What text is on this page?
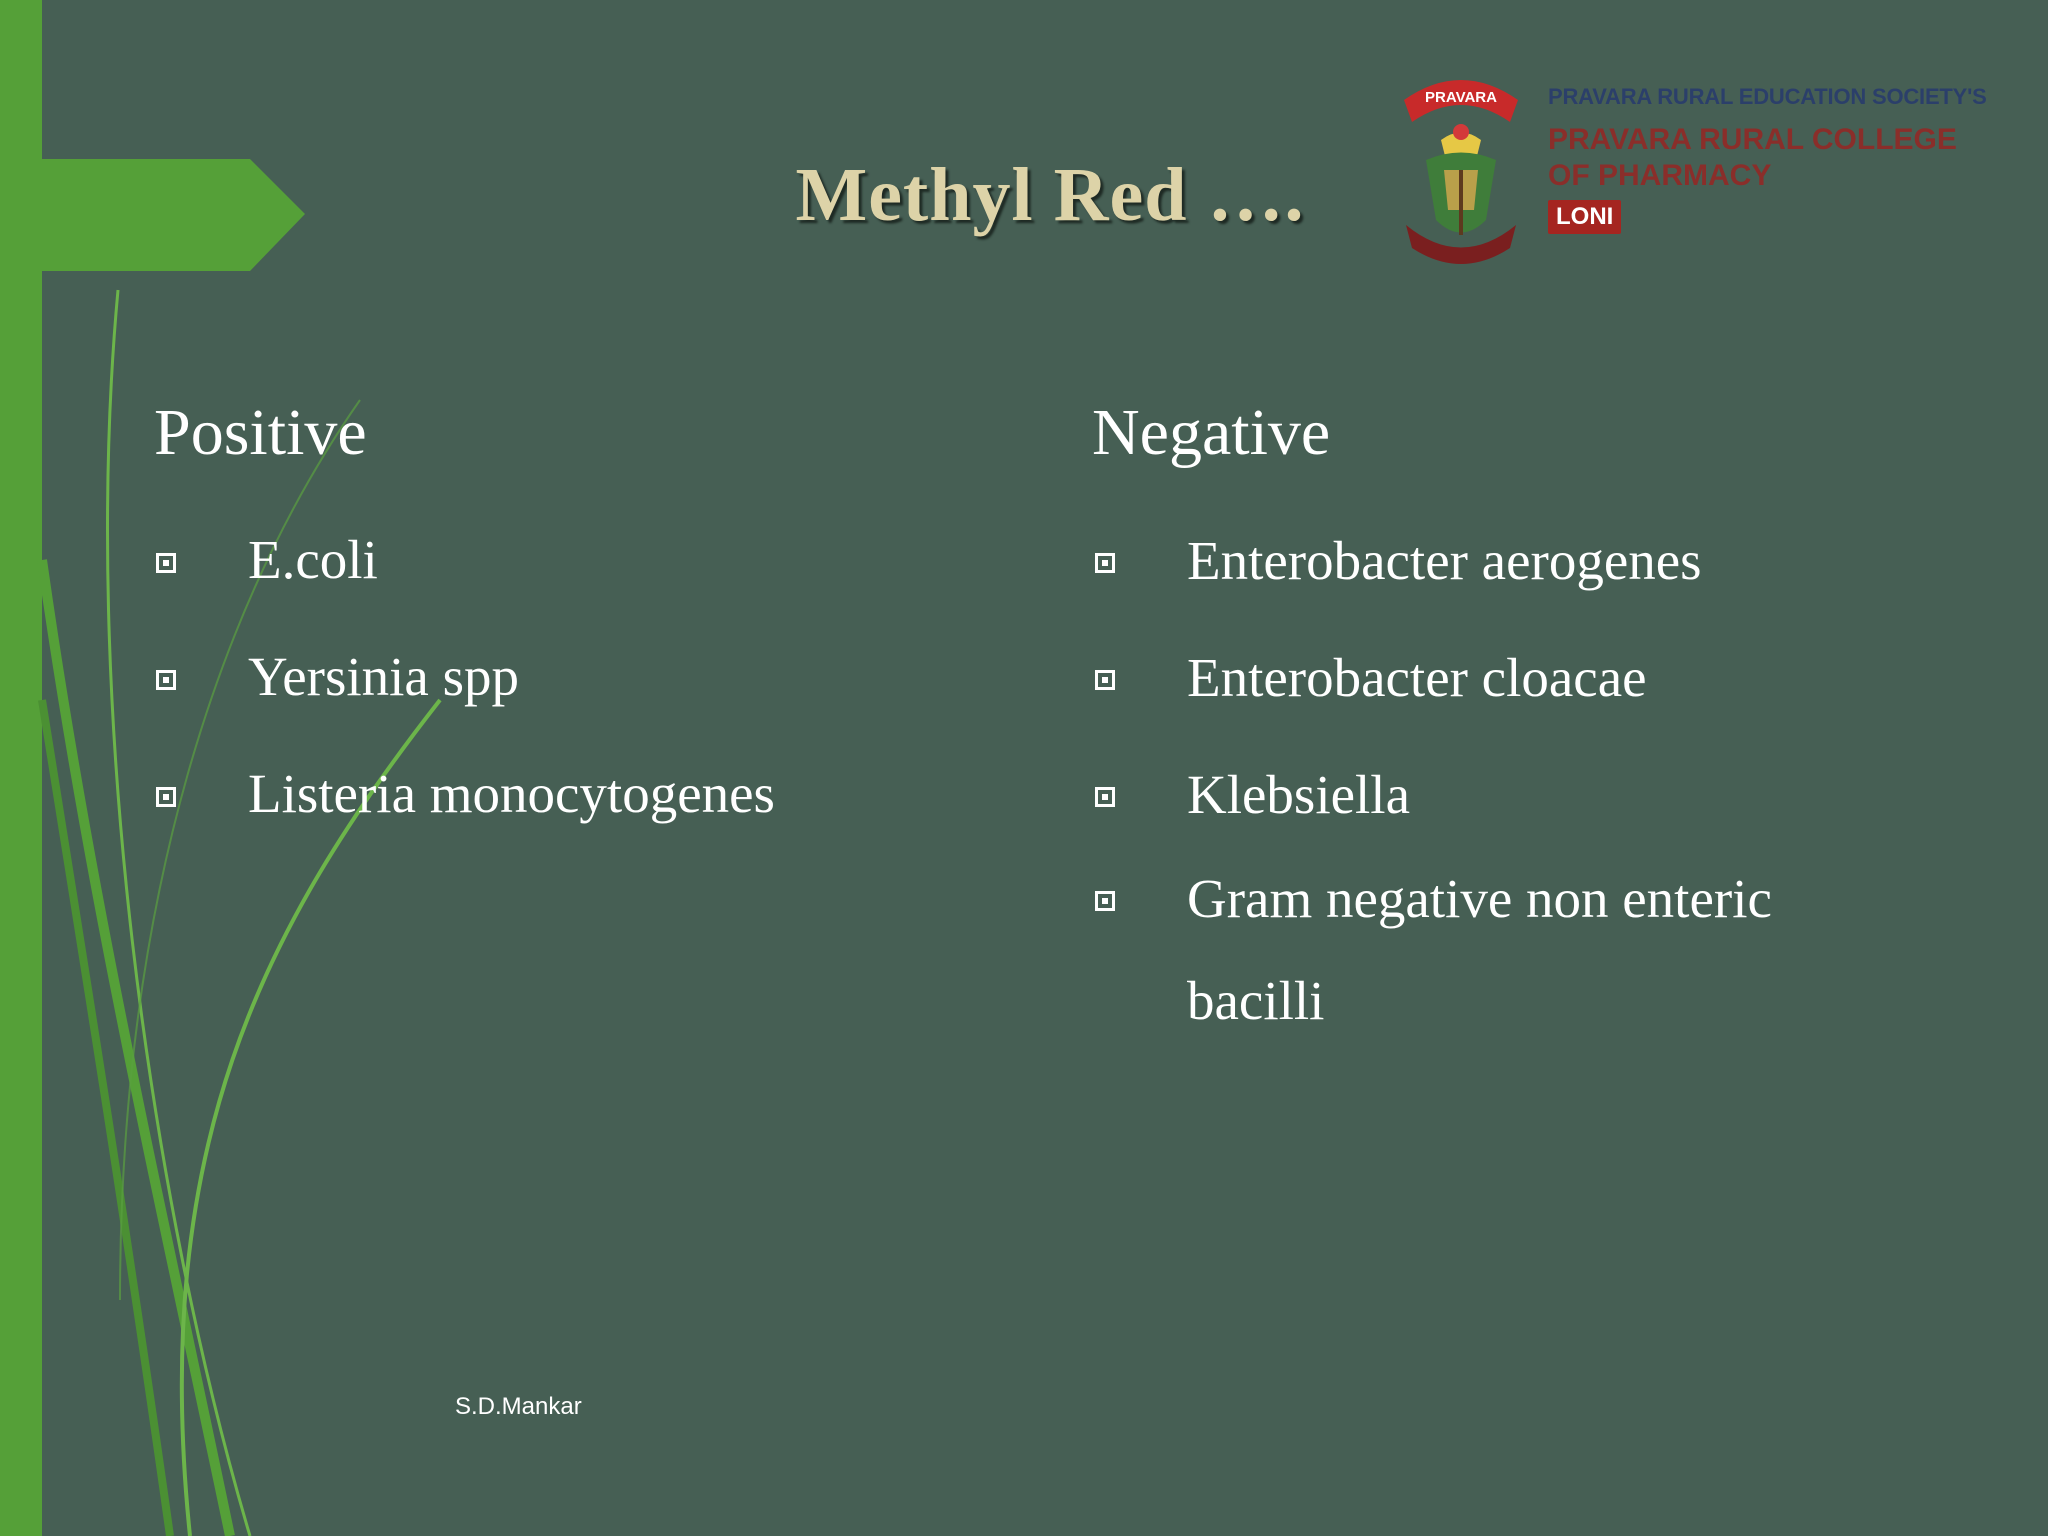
Methyl Red ….
PRAVARA PRAVARA RURAL EDUCATION SOCIETY'S
PRAVARA RURAL COLLEGE
OF PHARMACY
LONI
Positive
E.coli
Yersinia spp
Listeria monocytogenes
Negative
Enterobacter aerogenes
Enterobacter cloacae
Klebsiella
Gram negative non enteric
bacilli
S.D.Mankar
